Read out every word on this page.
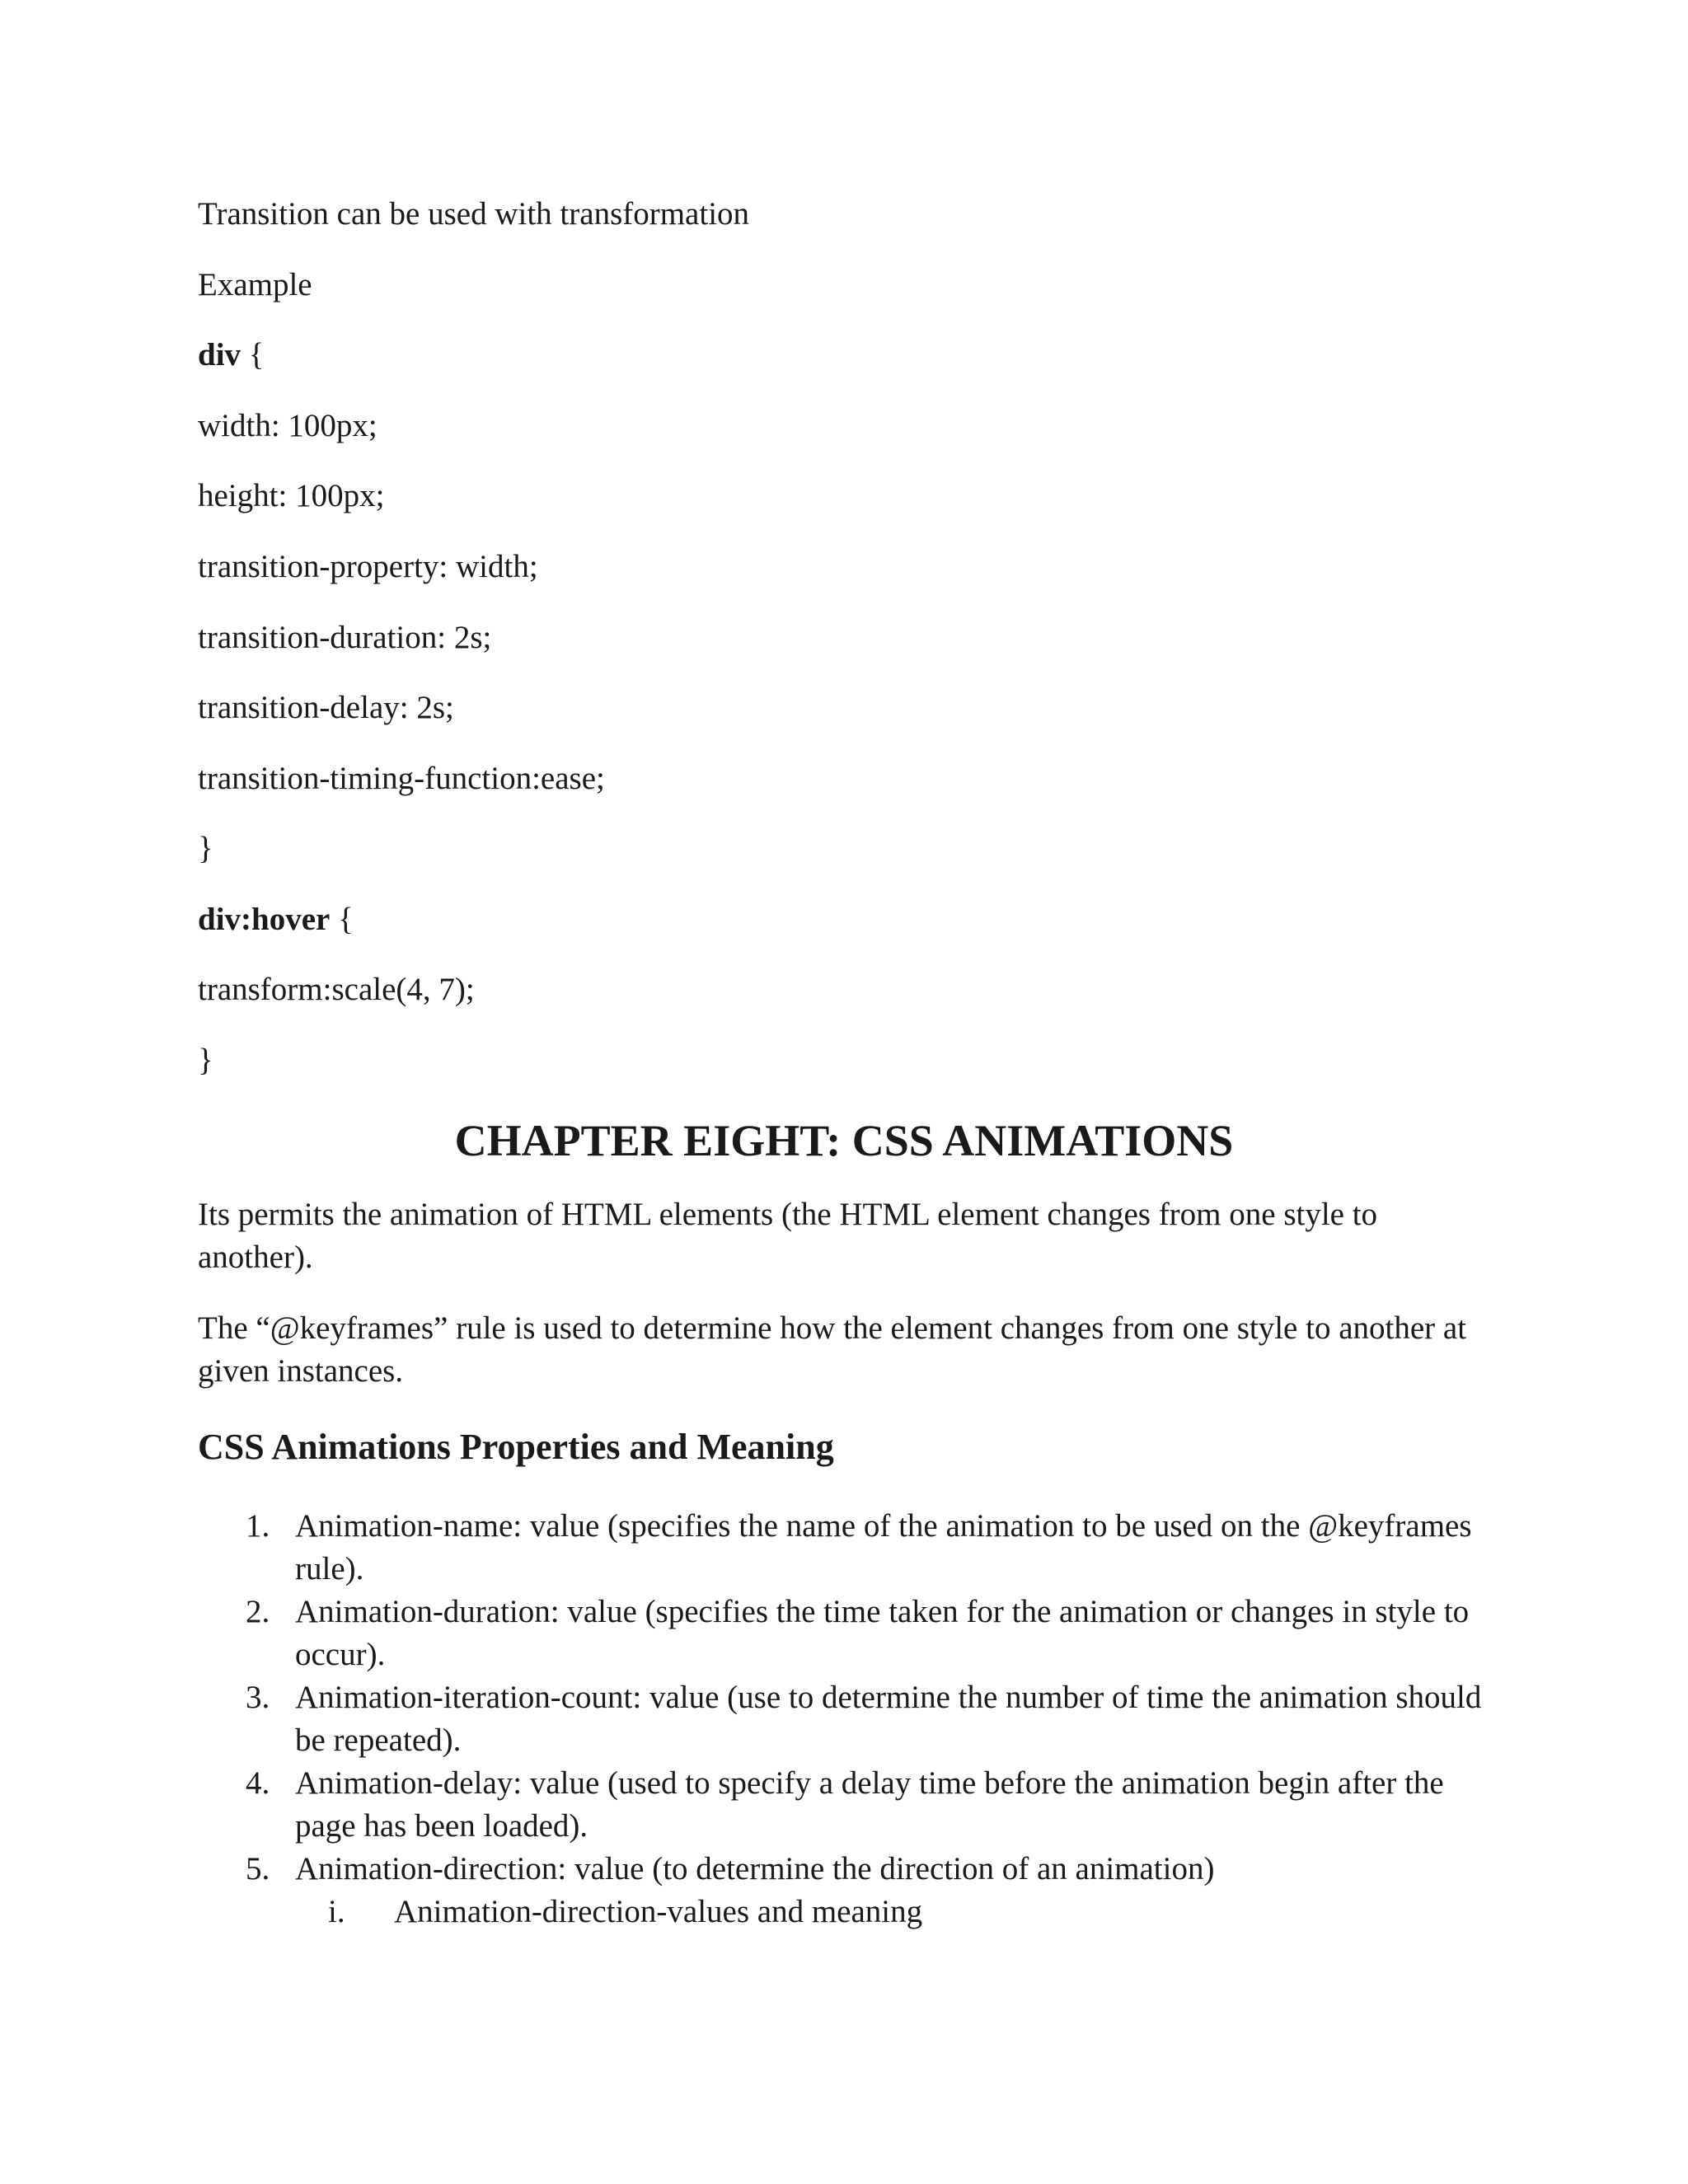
Transition can be used with transformation
Example
div {
width: 100px;
height: 100px;
transition-property: width;
transition-duration: 2s;
transition-delay: 2s;
transition-timing-function:ease;
}
div:hover {
transform:scale(4, 7);
}
CHAPTER EIGHT: CSS ANIMATIONS
Its permits the animation of HTML elements (the HTML element changes from one style to another).
The “@keyframes” rule is used to determine how the element changes from one style to another at given instances.
CSS Animations Properties and Meaning
1. Animation-name: value (specifies the name of the animation to be used on the @keyframes rule).
2. Animation-duration: value (specifies the time taken for the animation or changes in style to occur).
3. Animation-iteration-count: value (use to determine the number of time the animation should be repeated).
4. Animation-delay: value (used to specify a delay time before the animation begin after the page has been loaded).
5. Animation-direction: value (to determine the direction of an animation)
i. Animation-direction-values and meaning
